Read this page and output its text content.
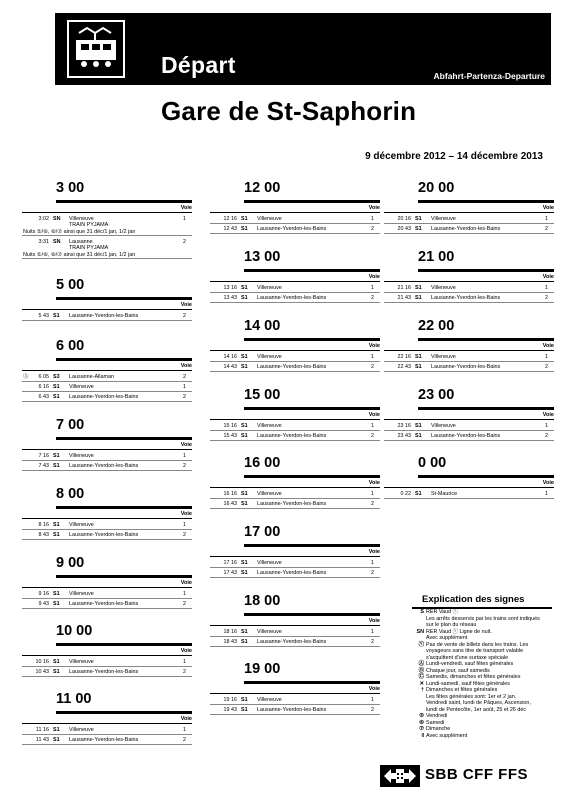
Départ	Abfahrt-Partenza-Departure
Gare de St-Saphorin
9 décembre 2012 – 14 décembre 2013
3 00
Voie
3:02 SN Villeneuve	1
TRAIN PYJAMA
Nuits ⑤/⑥, ⑥/⑦ ainsi que 31 déc/1 jan, 1/2 jan
3:31 SN Lausanne	2
TRAIN PYJAMA
Nuits ⑤/⑥, ⑥/⑦ ainsi que 31 déc/1 jan, 1/2 jan
5 00
Voie
5 43 S1 Lausanne-Yverdon-les-Bains	2
6 00
Voie
Ⓐ 6 05 S3 Lausanne-Allaman	2
6 16 S1 Villeneuve	1
6 43 S1 Lausanne-Yverdon-les-Bains	2
7 00
Voie
7 16 S1 Villeneuve	1
7 43 S1 Lausanne-Yverdon-les-Bains	2
8 00
Voie
8 16 S1 Villeneuve	1
8 43 S1 Lausanne-Yverdon-les-Bains	2
9 00
Voie
9 16 S1 Villeneuve	1
9 43 S1 Lausanne-Yverdon-les-Bains	2
10 00
Voie
10 16 S1 Villeneuve	1
10 43 S1 Lausanne-Yverdon-les-Bains	2
11 00
Voie
11 16 S1 Villeneuve	1
11 43 S1 Lausanne-Yverdon-les-Bains	2
12 00
Voie
12 16 S1 Villeneuve	1
12 43 S1 Lausanne-Yverdon-les-Bains	2
13 00
Voie
13 16 S1 Villeneuve	1
13 43 S1 Lausanne-Yverdon-les-Bains	2
14 00
Voie
14 16 S1 Villeneuve	1
14 43 S1 Lausanne-Yverdon-les-Bains	2
15 00
Voie
15 16 S1 Villeneuve	1
15 43 S1 Lausanne-Yverdon-les-Bains	2
16 00
Voie
16 16 S1 Villeneuve	1
16 43 S1 Lausanne-Yverdon-les-Bains	2
17 00
Voie
17 16 S1 Villeneuve	1
17 43 S1 Lausanne-Yverdon-les-Bains	2
18 00
Voie
18 16 S1 Villeneuve	1
18 43 S1 Lausanne-Yverdon-les-Bains	2
19 00
Voie
19 16 S1 Villeneuve	1
19 43 S1 Lausanne-Yverdon-les-Bains	2
20 00
Voie
20 16 S1 Villeneuve	1
20 43 S1 Lausanne-Yverdon-les-Bains	2
21 00
Voie
21 16 S1 Villeneuve	1
21 43 S1 Lausanne-Yverdon-les-Bains	2
22 00
Voie
22 16 S1 Villeneuve	1
22 43 S1 Lausanne-Yverdon-les-Bains	2
23 00
Voie
23 16 S1 Villeneuve	1
23 43 S1 Lausanne-Yverdon-les-Bains	2
0 00
Voie
0 22 S1 St-Maurice	1
Explication des signes
S RER Vaud ⓥ
Les arrêts desservis par les trains sont indiqués
sur le plan du réseau
SN RER Vaud ⓥ Ligne de nuit.
Avec supplément
ⓥ Pas de vente de billets dans les trains. Les
voyageurs sans titre de transport valable
s'acquittent d'une surtaxe spéciale
Ⓐ Lundi-vendredi, sauf fêtes générales
Ⓑ Chaque jour, sauf samedis
Ⓒ Samedis, dimanches et fêtes générales
✕ Lundi-samedi, sauf fêtes générales
† Dimanches et fêtes générales
Les fêtes générales sont: 1er et 2 jan.
Vendredi saint, lundi de Pâques, Ascension,
lundi de Pentecôte, 1er août, 25 et 26 déc
⑤ Vendredi
⑥ Samedi
⑦ Dimanche
‖ Avec supplément
SBB CFF FFS
